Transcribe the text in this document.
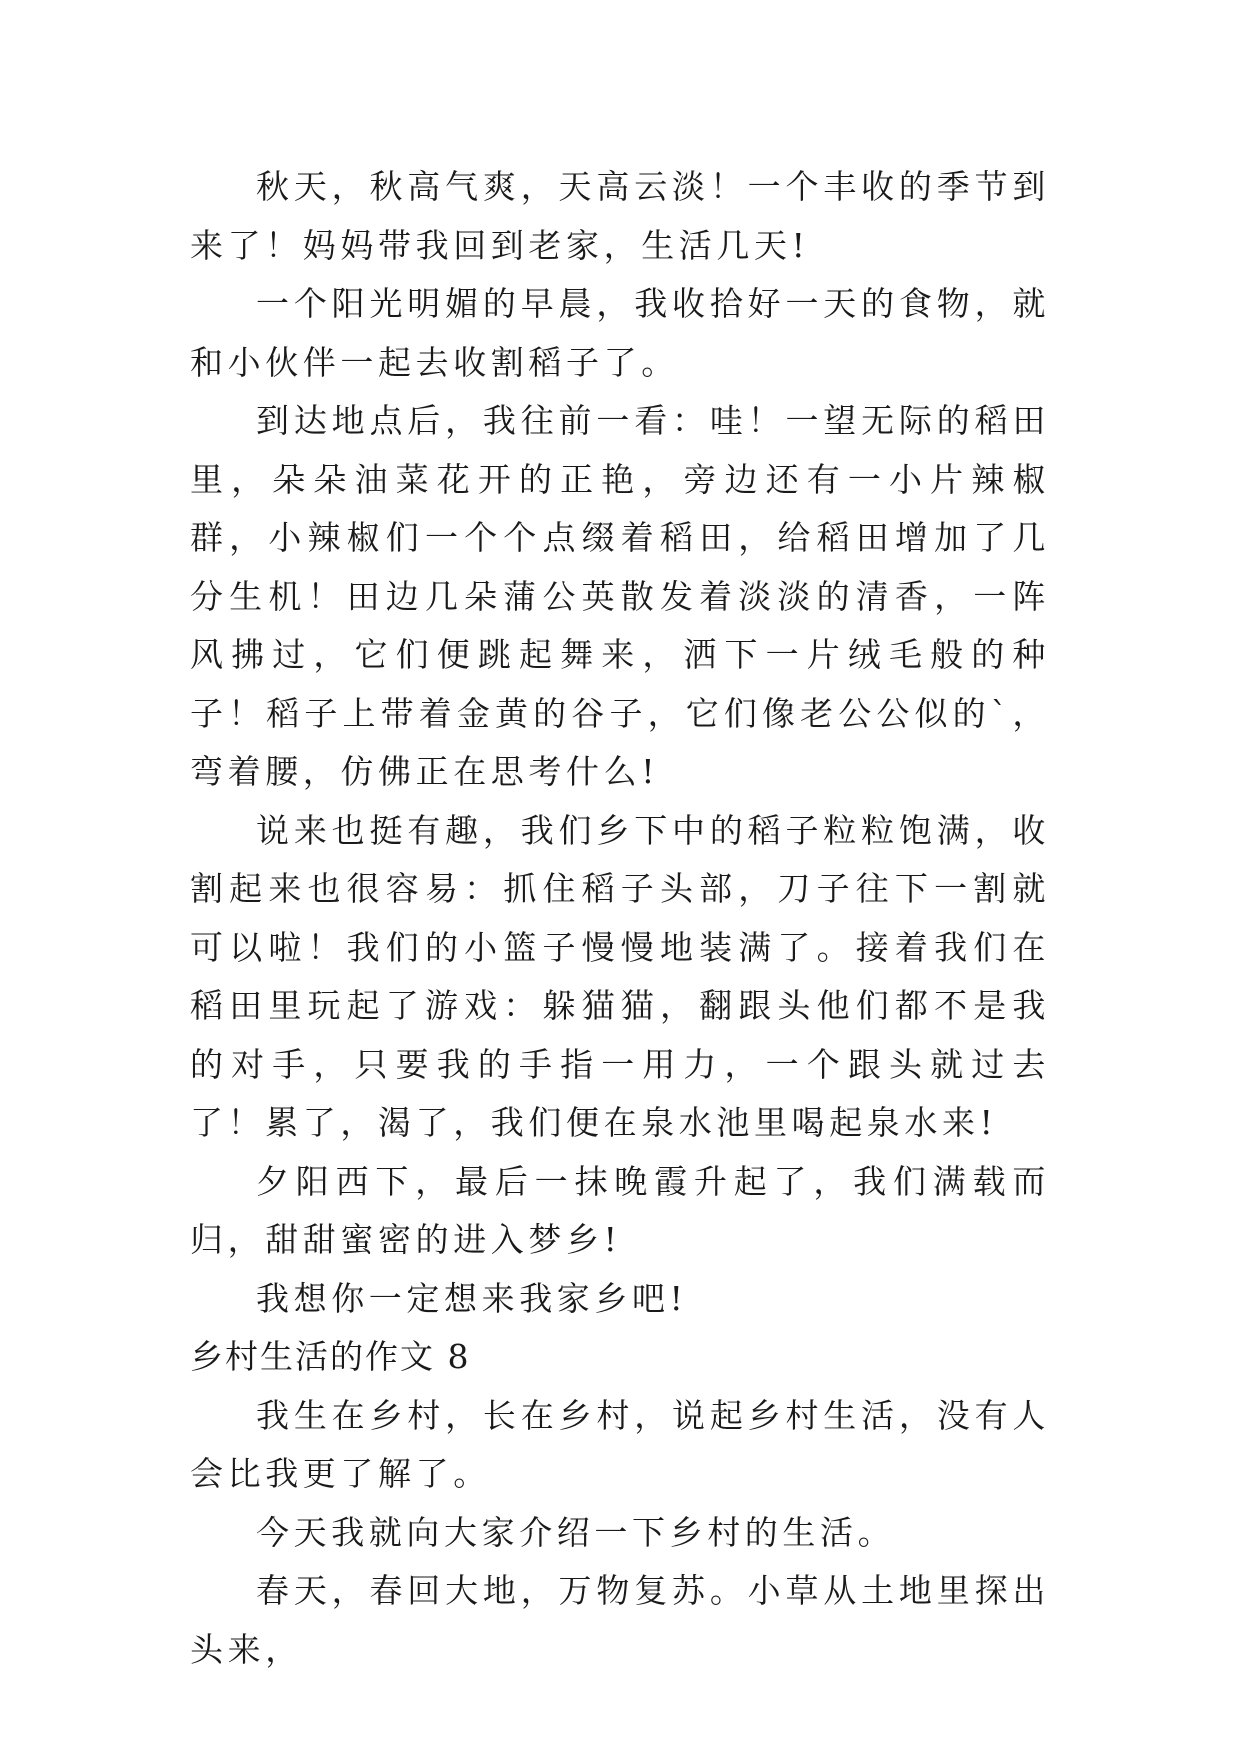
秋天，秋高气爽，天高云淡！一个丰收的季节到来了！妈妈带我回到老家，生活几天!

一个阳光明媚的早晨，我收拾好一天的食物，就和小伙伴一起去收割稻子了。

到达地点后，我往前一看：哇！一望无际的稻田里，朵朵油菜花开的正艳，旁边还有一小片辣椒群，小辣椒们一个个点缀着稻田，给稻田增加了几分生机！田边几朵蒲公英散发着淡淡的清香，一阵风拂过，它们便跳起舞来，洒下一片绒毛般的种子！稻子上带着金黄的谷子，它们像老公公似的`，弯着腰，仿佛正在思考什么!

说来也挺有趣，我们乡下中的稻子粒粒饱满，收割起来也很容易：抓住稻子头部，刀子往下一割就可以啦！我们的小篮子慢慢地装满了。接着我们在稻田里玩起了游戏：躲猫猫，翻跟头他们都不是我的对手，只要我的手指一用力，一个跟头就过去了！累了，渴了，我们便在泉水池里喝起泉水来!

夕阳西下，最后一抹晚霞升起了，我们满载而归，甜甜蜜密的进入梦乡!

我想你一定想来我家乡吧!

乡村生活的作文 8

我生在乡村，长在乡村，说起乡村生活，没有人会比我更了解了。

今天我就向大家介绍一下乡村的生活。

春天，春回大地，万物复苏。小草从土地里探出头来，
